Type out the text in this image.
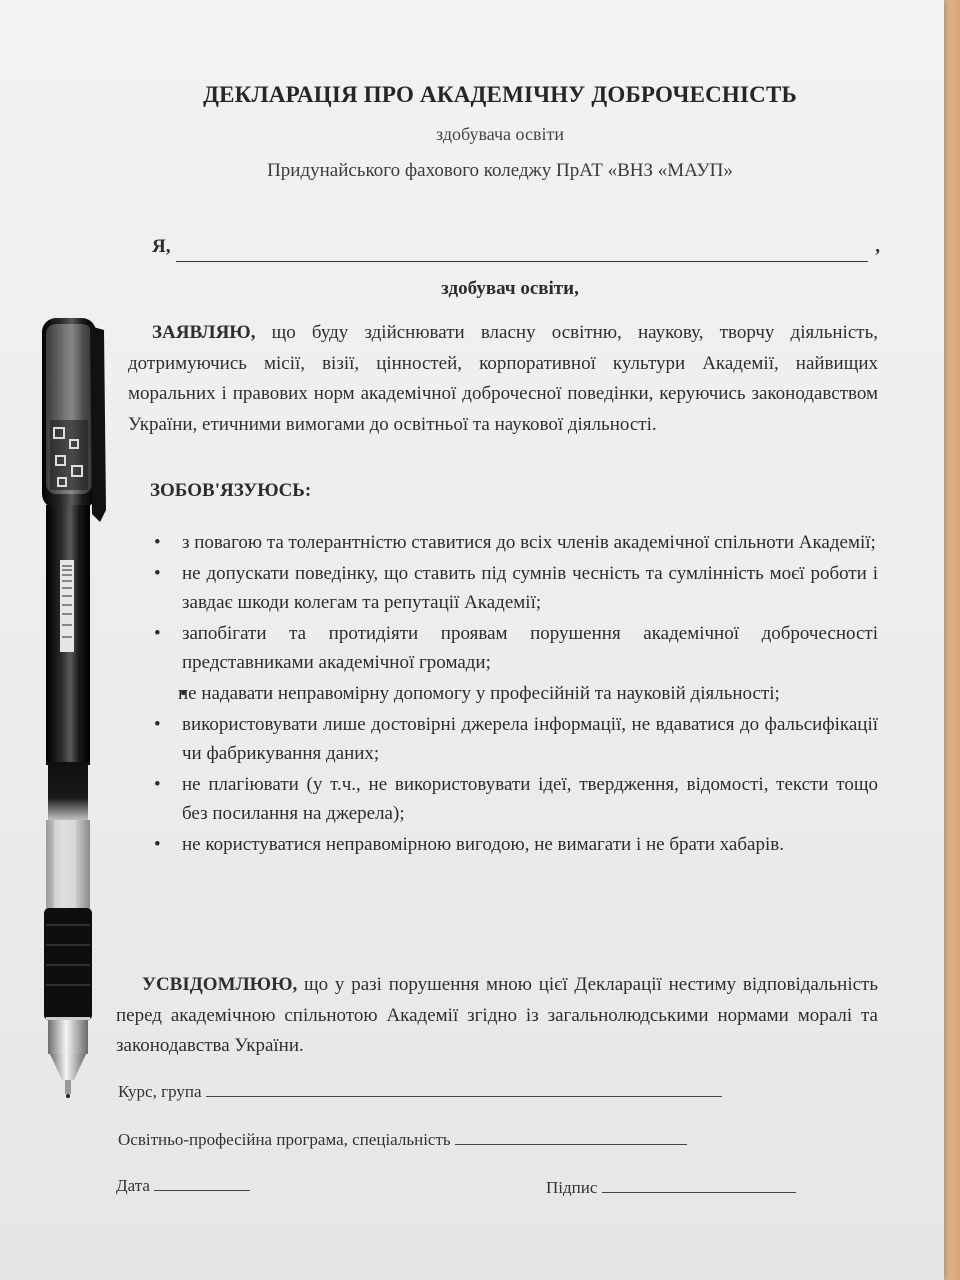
ДЕКЛАРАЦІЯ ПРО АКАДЕМІЧНУ ДОБРОЧЕСНІСТЬ
здобувача освіти
Придунайського фахового коледжу ПрАТ «ВНЗ «МАУП»
Я,	,
здобувач освіти,
ЗАЯВЛЯЮ, що буду здійснювати власну освітню, наукову, творчу діяльність, дотримуючись місії, візії, цінностей, корпоративної культури Академії, найвищих моральних і правових норм академічної доброчесної поведінки, керуючись законодавством України, етичними вимогами до освітньої та наукової діяльності.
ЗОБОВ'ЯЗУЮСЬ:
• з повагою та толерантністю ставитися до всіх членів академічної спільноти Академії;
• не допускати поведінку, що ставить під сумнів чесність та сумлінність моєї роботи і завдає шкоди колегам та репутації Академії;
• запобігати та протидіяти проявам порушення академічної доброчесності представниками академічної громади;
• не надавати неправомірну допомогу у професійній та науковій діяльності;
• використовувати лише достовірні джерела інформації, не вдаватися до фальсифікації чи фабрикування даних;
• не плагіювати (у т.ч., не використовувати ідеї, твердження, відомості, тексти тощо без посилання на джерела);
• не користуватися неправомірною вигодою, не вимагати і не брати хабарів.
УСВІДОМЛЮЮ, що у разі порушення мною цієї Декларації нестиму відповідальність перед академічною спільнотою Академії згідно із загальнолюдськими нормами моралі та законодавства України.
Курс, група
Освітньо-професійна програма, спеціальність
Дата	Підпис
